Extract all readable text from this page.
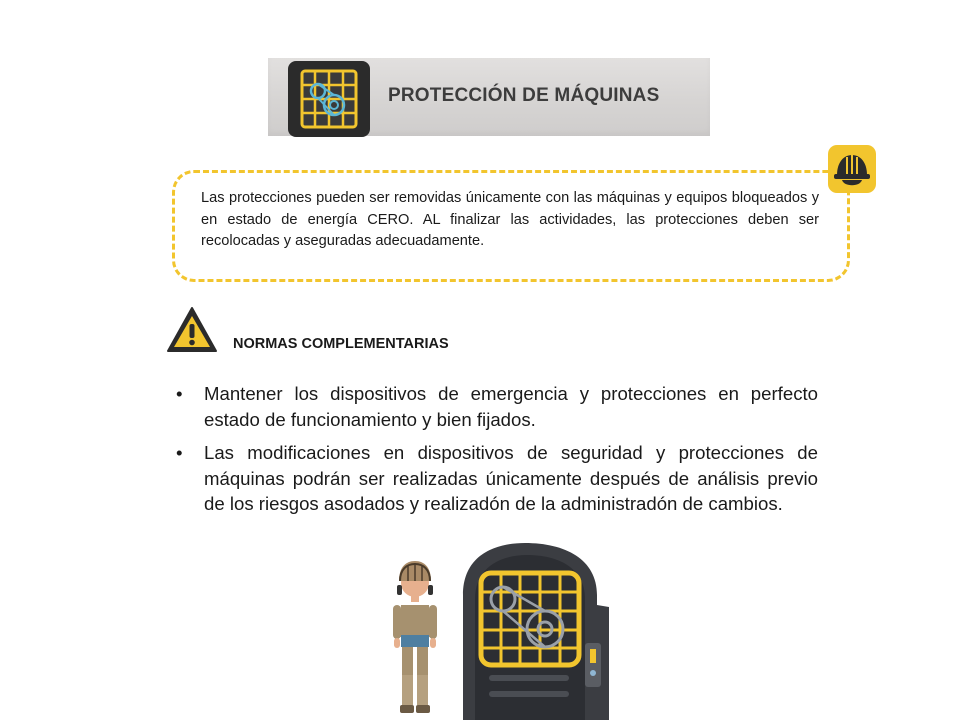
PROTECCIÓN DE MÁQUINAS
Las protecciones pueden ser removidas únicamente con las máquinas y equipos bloqueados y en estado de energía CERO. AL finalizar las actividades, las protecciones deben ser recolocadas y aseguradas adecuadamente.
NORMAS COMPLEMENTARIAS
• Mantener los dispositivos de emergencia y protecciones en perfecto estado de funcionamiento y bien fijados.
• Las modificaciones en dispositivos de seguridad y protecciones de máquinas podrán ser realizadas únicamente después de análisis previo de los riesgos asodados y realizadón de la administradón de cambios.
